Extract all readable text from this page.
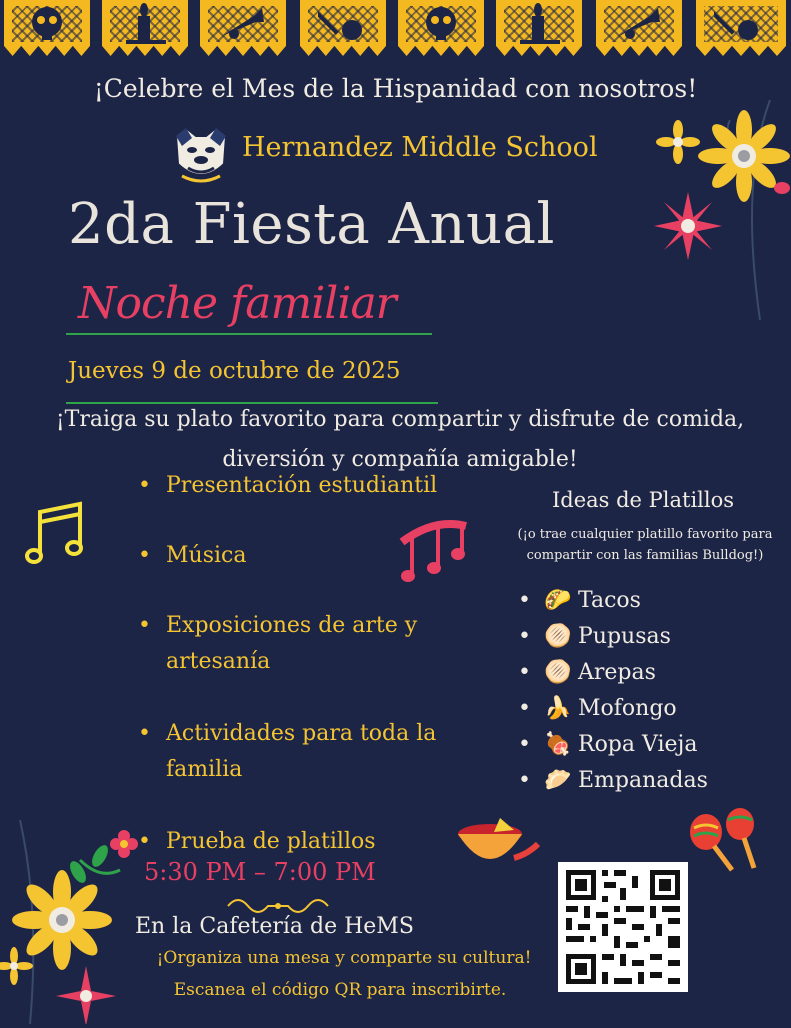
¡Celebre el Mes de la Hispanidad con nosotros!
Hernandez Middle School
2da Fiesta Anual
Noche familiar
Jueves 9 de octubre de 2025
¡Traiga su plato favorito para compartir y disfrute de comida,
diversión y compañía amigable!
• Presentación estudiantil
• Música
• Exposiciones de arte y
artesanía
• Actividades para toda la
familia
• Prueba de platillos
Ideas de Platillos
(¡o trae cualquier platillo favorito para
compartir con las familias Bulldog!)
• 🌮 Tacos
• 🫓 Pupusas
• 🫓 Arepas
• 🍌 Mofongo
• 🍖 Ropa Vieja
• 🥟 Empanadas
5:30 PM – 7:00 PM
En la Cafetería de HeMS
¡Organiza una mesa y comparte su cultura!
Escanea el código QR para inscribirte.
